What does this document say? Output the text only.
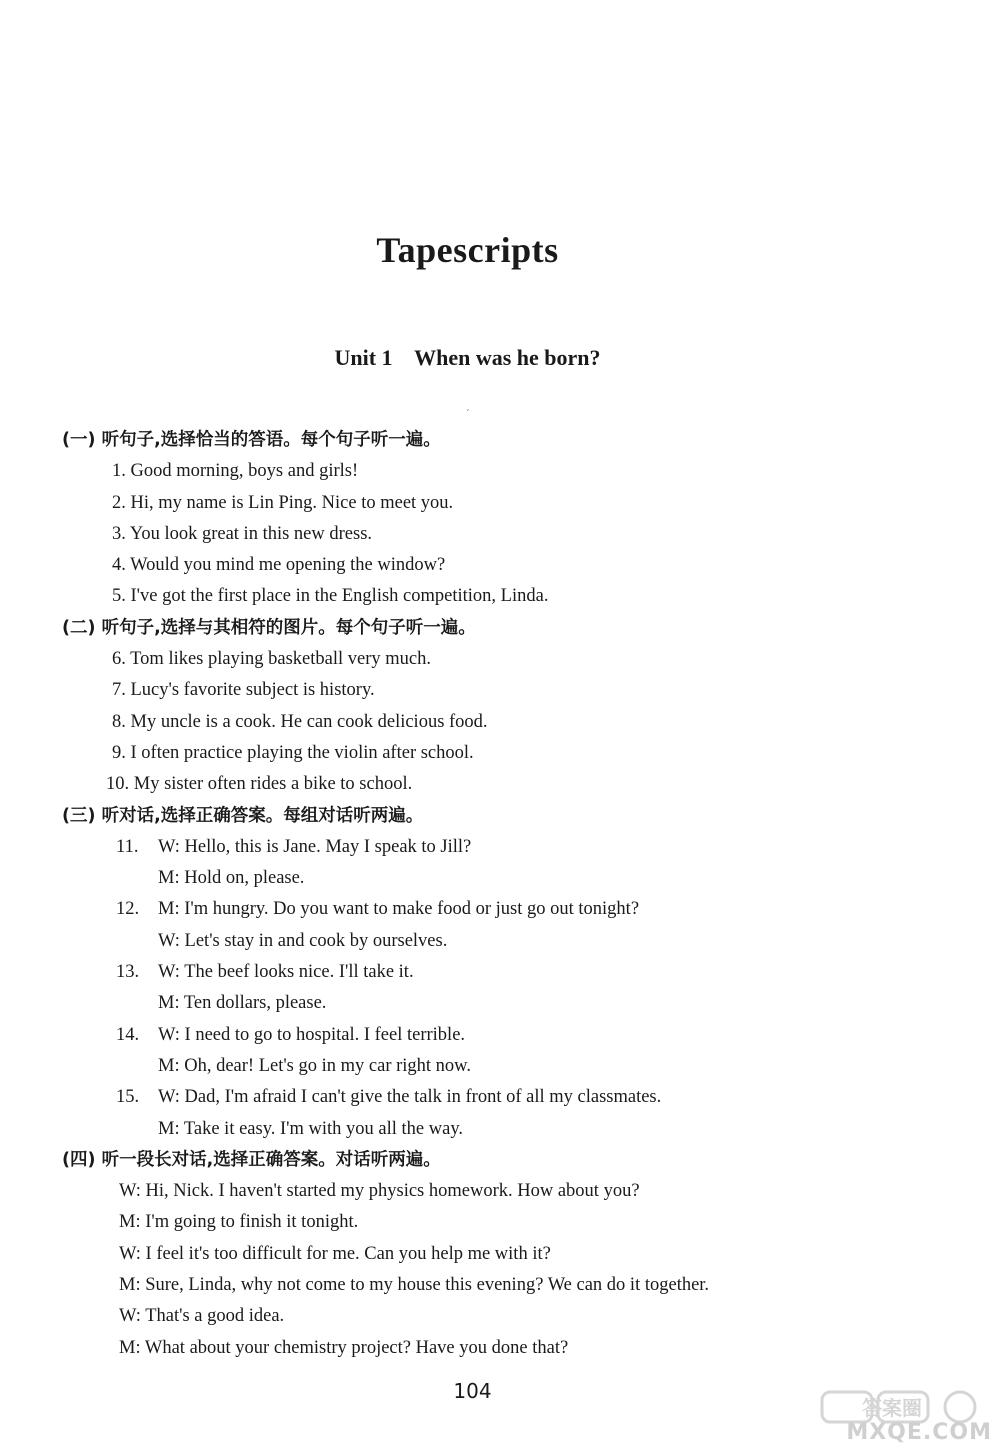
Tapescripts
Unit 1    When was he born?
ˊ
(一) 听句子,选择恰当的答语。每个句子听一遍。
1. Good morning, boys and girls!
2. Hi, my name is Lin Ping. Nice to meet you.
3. You look great in this new dress.
4. Would you mind me opening the window?
5. I've got the first place in the English competition, Linda.
(二) 听句子,选择与其相符的图片。每个句子听一遍。
6. Tom likes playing basketball very much.
7. Lucy's favorite subject is history.
8. My uncle is a cook. He can cook delicious food.
9. I often practice playing the violin after school.
10. My sister often rides a bike to school.
(三) 听对话,选择正确答案。每组对话听两遍。
11. W: Hello, this is Jane. May I speak to Jill?
M: Hold on, please.
12. M: I'm hungry. Do you want to make food or just go out tonight?
W: Let's stay in and cook by ourselves.
13. W: The beef looks nice. I'll take it.
M: Ten dollars, please.
14. W: I need to go to hospital. I feel terrible.
M: Oh, dear! Let's go in my car right now.
15. W: Dad, I'm afraid I can't give the talk in front of all my classmates.
M: Take it easy. I'm with you all the way.
(四) 听一段长对话,选择正确答案。对话听两遍。
W: Hi, Nick. I haven't started my physics homework. How about you?
M: I'm going to finish it tonight.
W: I feel it's too difficult for me. Can you help me with it?
M: Sure, Linda, why not come to my house this evening? We can do it together.
W: That's a good idea.
M: What about your chemistry project? Have you done that?
104
答案圈
MXQE.COM
